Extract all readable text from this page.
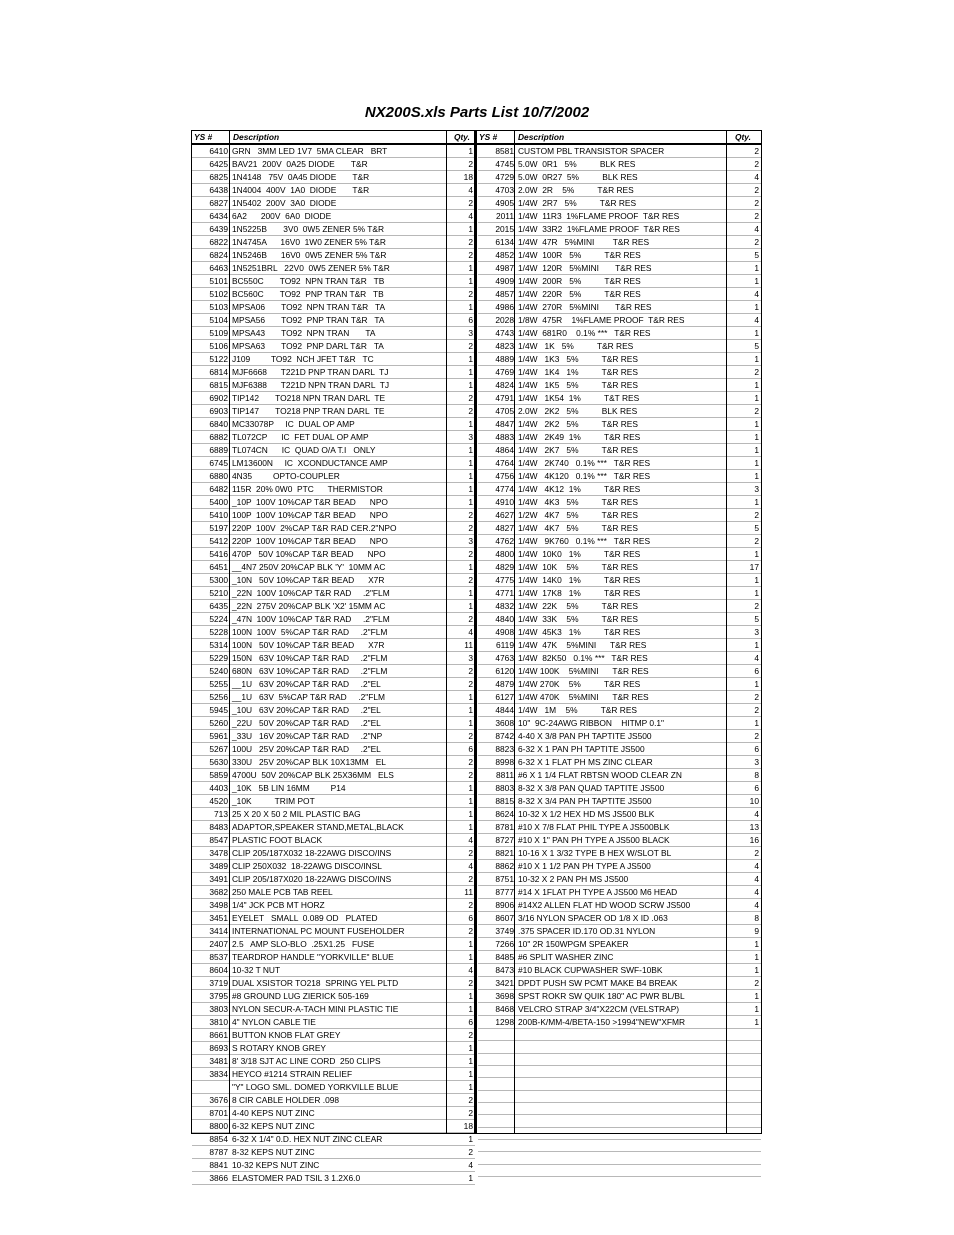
NX200S.xls Parts List 10/7/2002
YS # Description	Qty. YS # Description	Qty.
6410	GRN   3MM LED 1V7  5MA CLEAR   BRT	1
6425	BAV21  200V  0A25 DIODE       T&R	2
6825	1N4148   75V  0A45 DIODE       T&R	18
6438	1N4004  400V  1A0  DIODE       T&R	4
6827	1N5402  200V  3A0  DIODE	2
6434	6A2      200V  6A0  DIODE	4
6439	1N5225B       3V0  0W5 ZENER 5% T&R	1
6822	1N4745A      16V0  1W0 ZENER 5% T&R	2
6824	1N5246B      16V0  0W5 ZENER 5% T&R	2
6463	1N5251BRL   22V0  0W5 ZENER 5% T&R	1
5101	BC550C       TO92  NPN TRAN T&R   TB	1
5102	BC560C       TO92  PNP TRAN T&R   TB	2
5103	MPSA06       TO92  NPN TRAN T&R   TA	1
5104	MPSA56       TO92  PNP TRAN T&R   TA	6
5109	MPSA43       TO92  NPN TRAN       TA	3
5106	MPSA63       TO92  PNP DARL T&R   TA	2
5122	J109         TO92  NCH JFET T&R   TC	1
6814	MJF6668      T221D PNP TRAN DARL  TJ	1
6815	MJF6388      T221D NPN TRAN DARL  TJ	1
6902	TIP142       TO218 NPN TRAN DARL  TE	2
6903	TIP147       TO218 PNP TRAN DARL  TE	2
6840	MC33078P     IC  DUAL OP AMP	1
6882	TL072CP      IC  FET DUAL OP AMP	3
6889	TL074CN      IC  QUAD O/A T.I   ONLY	1
6745	LM13600N     IC  XCONDUCTANCE AMP	1
6880	4N35         OPTO-COUPLER	1
6482	115R  20% 0W0  PTC      THERMISTOR	1
5400	_10P  100V 10%CAP T&R BEAD      NPO	1
5410	100P  100V 10%CAP T&R BEAD      NPO	2
5197	220P  100V  2%CAP T&R RAD CER.2"NPO	2
5412	220P  100V 10%CAP T&R BEAD      NPO	3
5416	470P   50V 10%CAP T&R BEAD      NPO	2
6451	__4N7 250V 20%CAP BLK 'Y'  10MM AC	1
5300	_10N   50V 10%CAP T&R BEAD      X7R	2
5210	_22N  100V 10%CAP T&R RAD     .2"FLM	1
6435	_22N  275V 20%CAP BLK 'X2' 15MM AC	1
5224	_47N  100V 10%CAP T&R RAD     .2"FLM	2
5228	100N  100V  5%CAP T&R RAD     .2"FLM	4
5314	100N   50V 10%CAP T&R BEAD      X7R	11
5229	150N   63V 10%CAP T&R RAD     .2"FLM	3
5240	680N   63V 10%CAP T&R RAD     .2"FLM	2
5255	__1U   63V 20%CAP T&R RAD     .2"EL	2
5256	__1U   63V  5%CAP T&R RAD     .2"FLM	1
5945	_10U   63V 20%CAP T&R RAD     .2"EL	1
5260	_22U   50V 20%CAP T&R RAD     .2"EL	1
5961	_33U   16V 20%CAP T&R RAD     .2"NP	2
5267	100U   25V 20%CAP T&R RAD     .2"EL	6
5630	330U   25V 20%CAP BLK 10X13MM   EL	2
5859	4700U  50V 20%CAP BLK 25X36MM   ELS	2
4403	_10K   5B LIN 16MM         P14	1
4520	_10K          TRIM POT	1
713	25 X 20 X 50 2 MIL PLASTIC BAG	1
8483	ADAPTOR,SPEAKER STAND,METAL,BLACK	1
8547	PLASTIC FOOT BLACK	4
3478	CLIP 205/187X032 18-22AWG DISCO/INS	2
3489	CLIP 250X032  18-22AWG DISCO/INSL	4
3491	CLIP 205/187X020 18-22AWG DISCO/INS	2
3682	250 MALE PCB TAB REEL	11
3498	1/4" JCK PCB MT HORZ	2
3451	EYELET   SMALL  0.089 OD   PLATED	6
3414	INTERNATIONAL PC MOUNT FUSEHOLDER	2
2407	2.5   AMP SLO-BLO  .25X1.25   FUSE	1
8537	TEARDROP HANDLE "YORKVILLE" BLUE	1
8604	10-32 T NUT	4
3719	DUAL XSISTOR TO218  SPRING YEL PLTD	2
3795	#8 GROUND LUG ZIERICK 505-169	1
3803	NYLON SECUR-A-TACH MINI PLASTIC TIE	1
3810	4" NYLON CABLE TIE	6
8661	BUTTON KNOB FLAT GREY	2
8693	S ROTARY KNOB GREY	1
3481	8' 3/18 SJT AC LINE CORD  250 CLIPS	1
3834	HEYCO #1214 STRAIN RELIEF	1
	"Y" LOGO SML. DOMED YORKVILLE BLUE	1
3676	8 CIR CABLE HOLDER .098	2
8701	4-40 KEPS NUT ZINC	2
8800	6-32 KEPS NUT ZINC	18
8854	6-32 X 1/4" 0.D. HEX NUT ZINC CLEAR	1
8787	8-32 KEPS NUT ZINC	2
8841	10-32 KEPS NUT ZINC	4
3866	ELASTOMER PAD TSIL 3 1.2X6.0	1
8581	CUSTOM PBL TRANSISTOR SPACER	2
4745	5.0W  0R1   5%          BLK RES	2
4729	5.0W  0R27  5%          BLK RES	4
4703	2.0W  2R    5%          T&R RES	2
4905	1/4W  2R7   5%          T&R RES	2
2011	1/4W  11R3  1%FLAME PROOF  T&R RES	2
2015	1/4W  33R2  1%FLAME PROOF  T&R RES	4
6134	1/4W  47R   5%MINI        T&R RES	2
4852	1/4W  100R   5%          T&R RES	5
4987	1/4W  120R   5%MINI       T&R RES	1
4909	1/4W  200R   5%          T&R RES	1
4857	1/4W  220R   5%          T&R RES	4
4986	1/4W  270R   5%MINI       T&R RES	1
2028	1/8W  475R    1%FLAME PROOF  T&R RES	4
4743	1/4W  681R0    0.1% ***   T&R RES	1
4823	1/4W   1K   5%          T&R RES	5
4889	1/4W   1K3   5%          T&R RES	1
4769	1/4W   1K4   1%          T&R RES	2
4824	1/4W   1K5   5%          T&R RES	1
4791	1/4W   1K54  1%          T&T RES	1
4705	2.0W   2K2   5%          BLK RES	2
4847	1/4W   2K2   5%          T&R RES	1
4883	1/4W   2K49  1%          T&R RES	1
4864	1/4W   2K7   5%          T&R RES	1
4764	1/4W   2K740   0.1% ***   T&R RES	1
4756	1/4W   4K120   0.1% ***   T&R RES	1
4774	1/4W   4K12  1%          T&R RES	3
4910	1/4W   4K3   5%          T&R RES	1
4627	1/2W   4K7   5%          T&R RES	2
4827	1/4W   4K7   5%          T&R RES	5
4762	1/4W   9K760   0.1% ***   T&R RES	2
4800	1/4W  10K0   1%          T&R RES	1
4829	1/4W  10K    5%          T&R RES	17
4775	1/4W  14K0   1%          T&R RES	1
4771	1/4W  17K8   1%          T&R RES	1
4832	1/4W  22K    5%          T&R RES	2
4840	1/4W  33K    5%          T&R RES	5
4908	1/4W  45K3   1%          T&R RES	3
6119	1/4W  47K    5%MINI      T&R RES	1
4763	1/4W  82K50   0.1% ***   T&R RES	4
6120	1/4W 100K    5%MINI      T&R RES	6
4879	1/4W 270K    5%          T&R RES	1
6127	1/4W 470K    5%MINI      T&R RES	2
4844	1/4W   1M    5%          T&R RES	2
3608	10"  9C-24AWG RIBBON    HITMP 0.1"	1
8742	4-40 X 3/8 PAN PH TAPTITE JS500	2
8823	6-32 X 1 PAN PH TAPTITE JS500	6
8998	6-32 X 1 FLAT PH MS ZINC CLEAR	3
8811	#6 X 1 1/4 FLAT RBTSN WOOD CLEAR ZN	8
8803	8-32 X 3/8 PAN QUAD TAPTITE JS500	6
8815	8-32 X 3/4 PAN PH TAPTITE JS500	10
8624	10-32 X 1/2 HEX HD MS JS500 BLK	4
8781	#10 X 7/8 FLAT PHIL TYPE A JS500BLK	13
8727	#10 X 1" PAN PH TYPE A JS500 BLACK	16
8821	10-16 X 1 3/32 TYPE B HEX W/SLOT BL	2
8862	#10 X 1 1/2 PAN PH TYPE A JS500	4
8751	10-32 X 2 PAN PH MS JS500	4
8777	#14 X 1FLAT PH TYPE A JS500 M6 HEAD	4
8906	#14X2 ALLEN FLAT HD WOOD SCRW JS500	4
8607	3/16 NYLON SPACER OD 1/8 X ID .063	8
3749	.375 SPACER ID.170 OD.31 NYLON	9
7266	10" 2R 150WPGM SPEAKER	1
8485	#6 SPLIT WASHER ZINC	1
8473	#10 BLACK CUPWASHER SWF-10BK	1
3421	DPDT PUSH SW PCMT MAKE B4 BREAK	2
3698	SPST ROKR SW QUIK 180" AC PWR BL/BL	1
8468	VELCRO STRAP 3/4"X22CM (VELSTRAP)	1
1298	200B-K/MM-4/BETA-150 >1994"NEW"XFMR	1
